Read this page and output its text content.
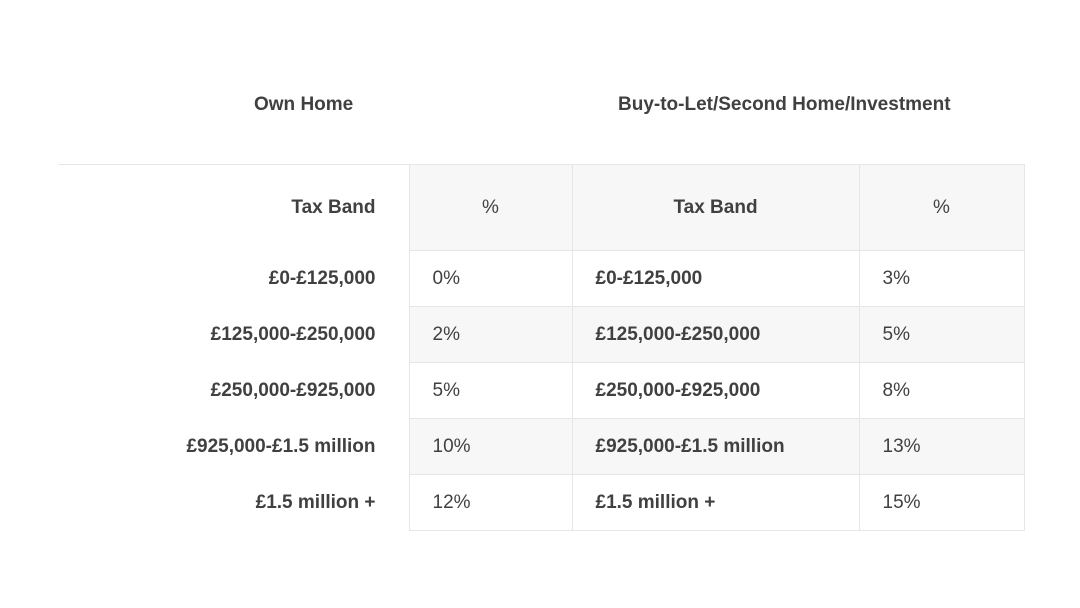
Own Home	Buy-to-Let/Second Home/Investment
Tax Band	%	Tax Band	%
£0-£125,000	0%	£0-£125,000	3%
£125,000-£250,000	2%	£125,000-£250,000	5%
£250,000-£925,000	5%	£250,000-£925,000	8%
£925,000-£1.5 million	10%	£925,000-£1.5 million	13%
£1.5 million +	12%	£1.5 million +	15%
